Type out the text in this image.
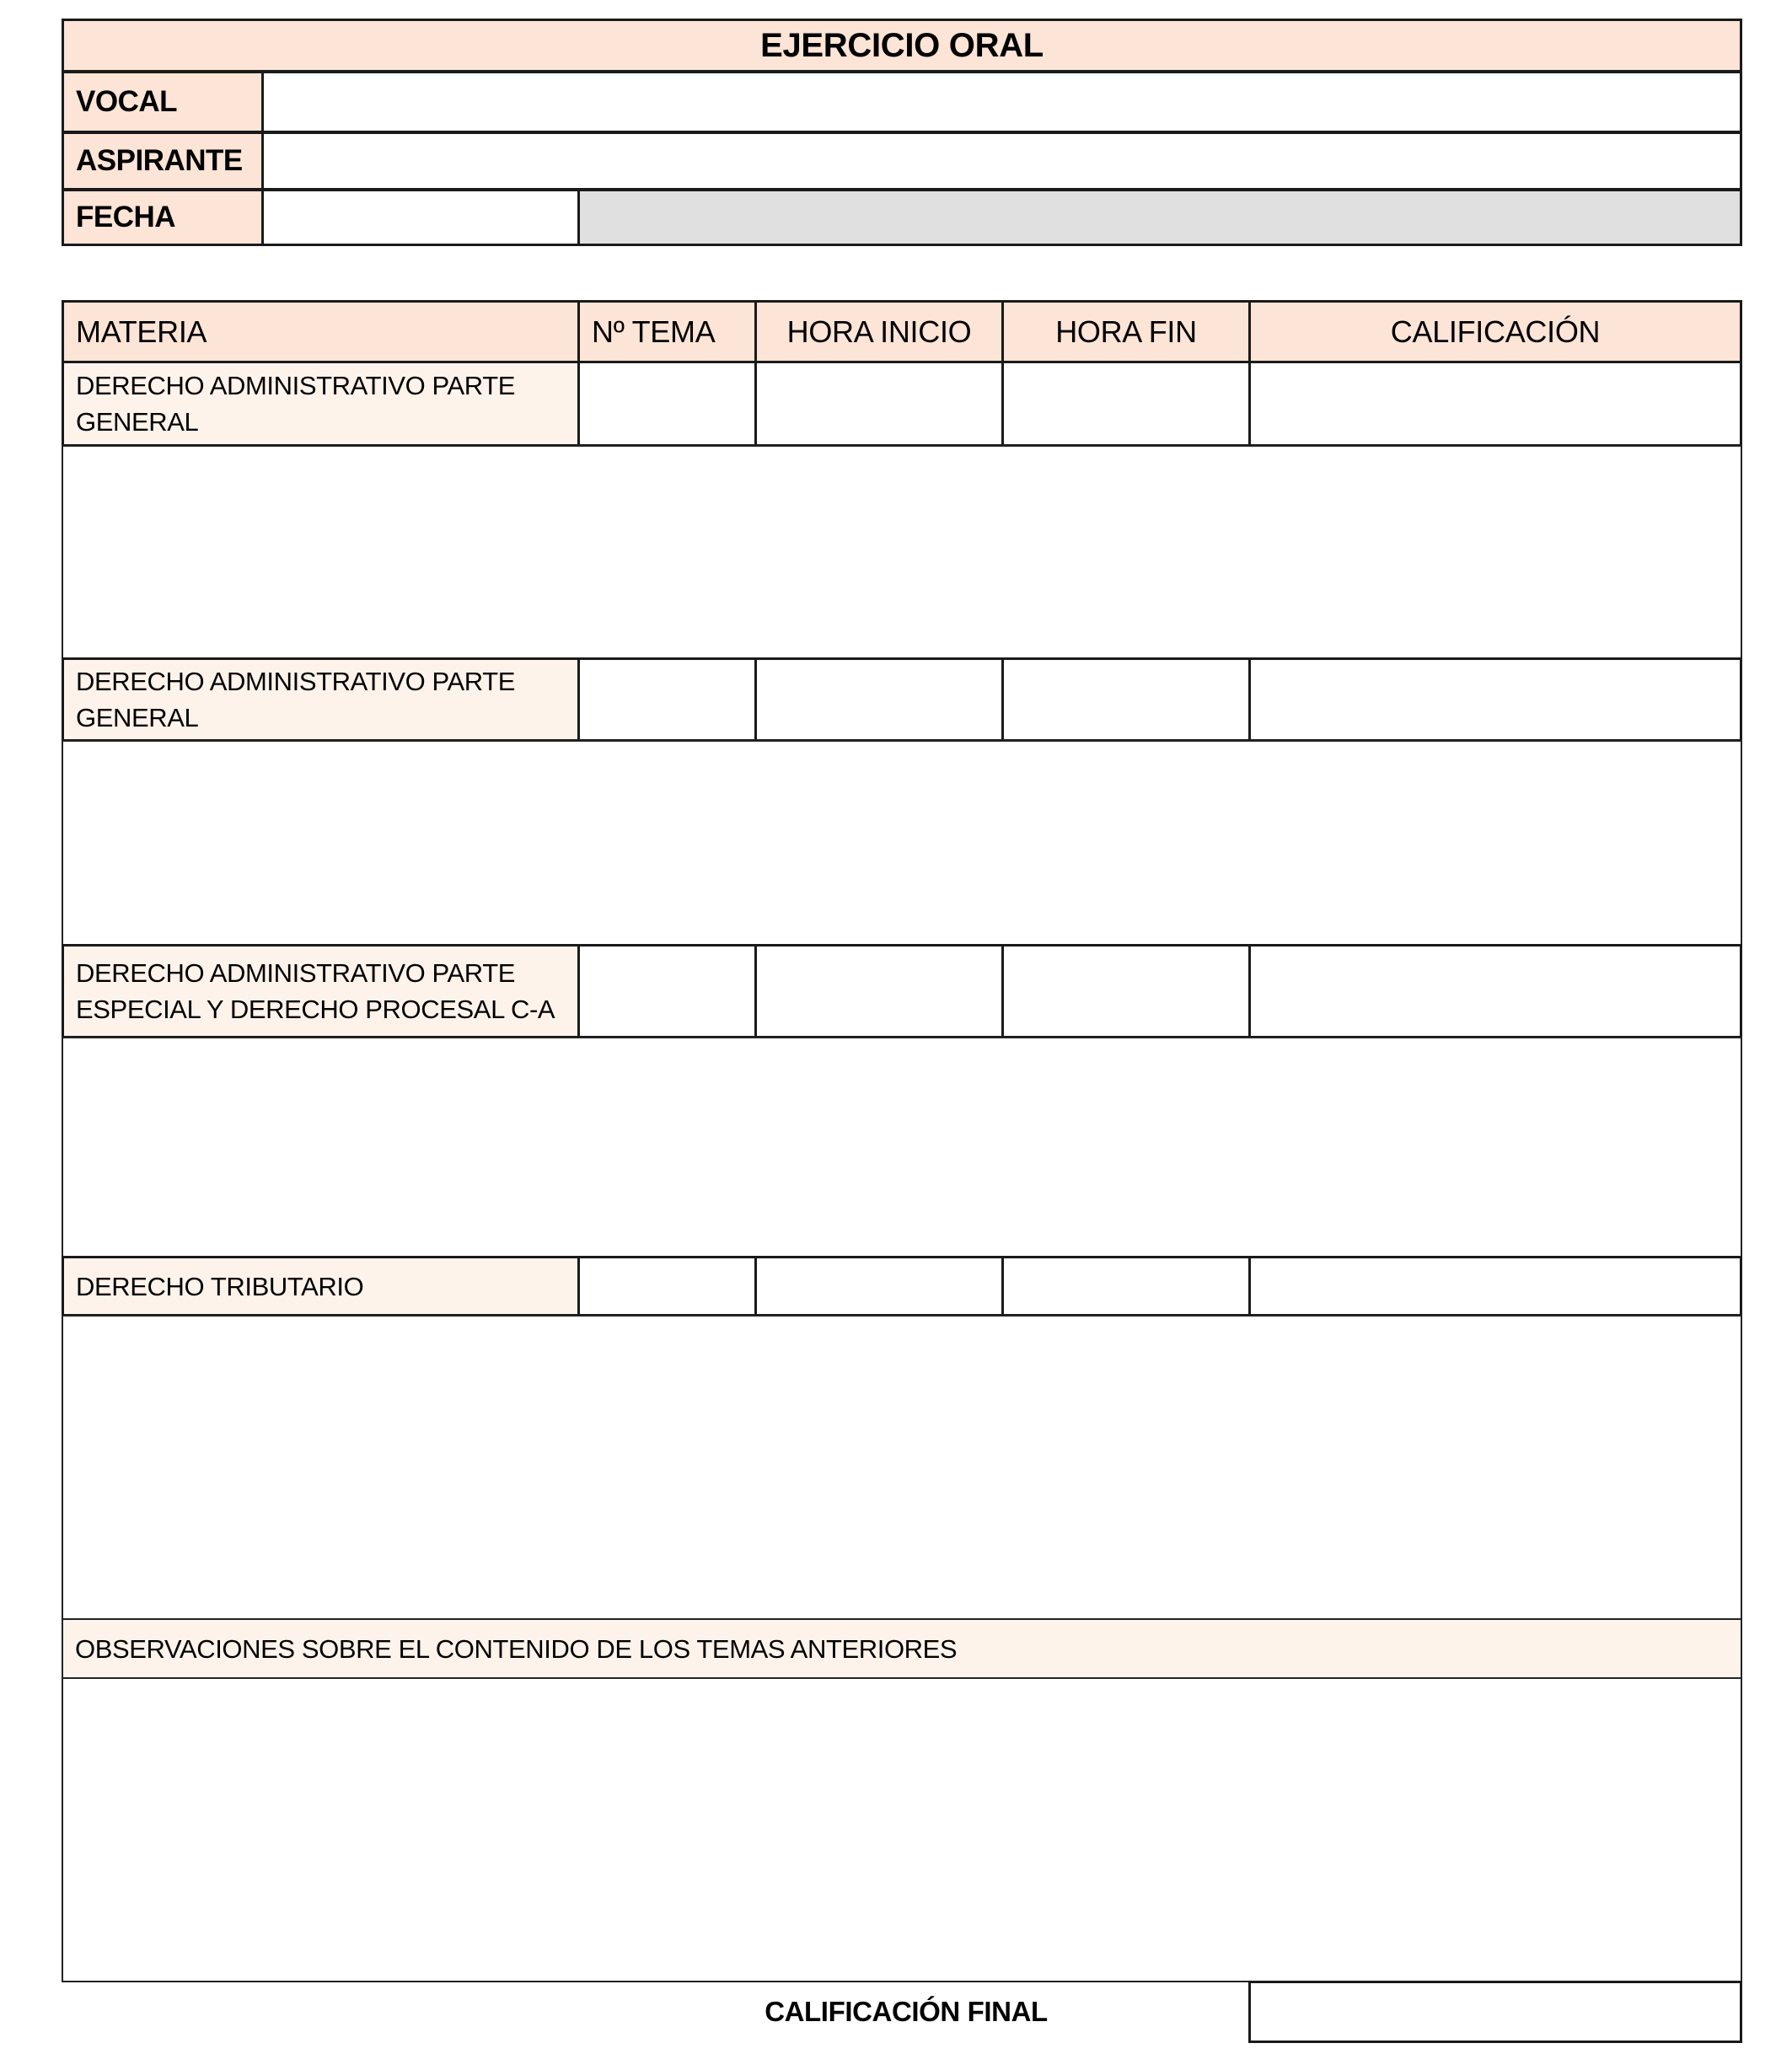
EJERCICIO ORAL
VOCAL
ASPIRANTE
FECHA
MATERIA	Nº TEMA	HORA INICIO	HORA FIN	CALIFICACIÓN
DERECHO ADMINISTRATIVO PARTE
GENERAL
DERECHO ADMINISTRATIVO PARTE
GENERAL
DERECHO ADMINISTRATIVO PARTE
ESPECIAL Y DERECHO PROCESAL C-A
DERECHO TRIBUTARIO
OBSERVACIONES SOBRE EL CONTENIDO DE LOS TEMAS ANTERIORES
CALIFICACIÓN FINAL
